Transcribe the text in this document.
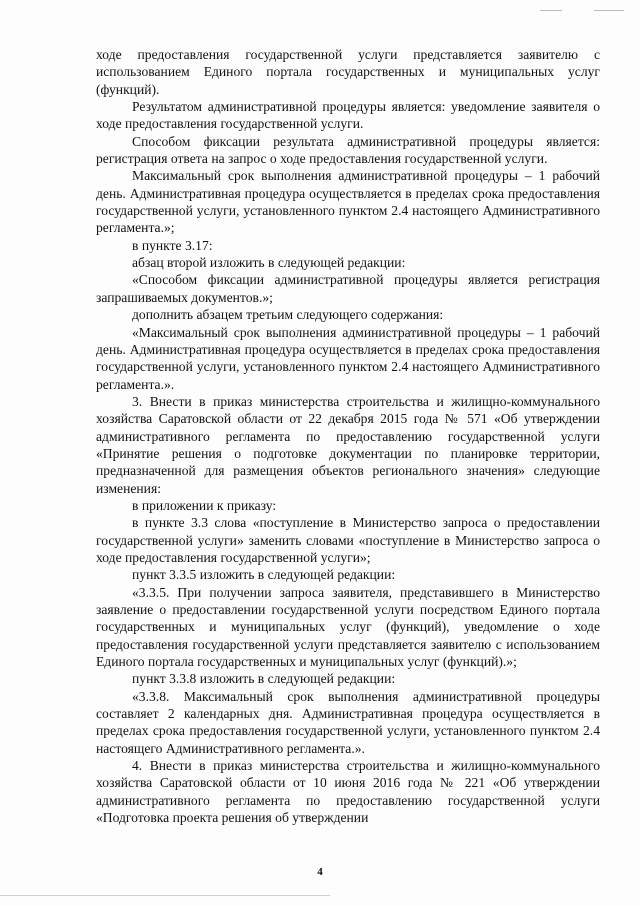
ходе предоставления государственной услуги представляется заявителю с использованием Единого портала государственных и муниципальных услуг (функций).

Результатом административной процедуры является: уведомление заявителя о ходе предоставления государственной услуги.

Способом фиксации результата административной процедуры является: регистрация ответа на запрос о ходе предоставления государственной услуги.

Максимальный срок выполнения административной процедуры – 1 рабочий день. Административная процедура осуществляется в пределах срока предоставления государственной услуги, установленного пунктом 2.4 настоящего Административного регламента.»;

в пункте 3.17:

абзац второй изложить в следующей редакции:

«Способом фиксации административной процедуры является регистрация запрашиваемых документов.»;

дополнить абзацем третьим следующего содержания:

«Максимальный срок выполнения административной процедуры – 1 рабочий день. Административная процедура осуществляется в пределах срока предоставления государственной услуги, установленного пунктом 2.4 настоящего Административного регламента.».

3. Внести в приказ министерства строительства и жилищно-коммунального хозяйства Саратовской области от 22 декабря 2015 года № 571 «Об утверждении административного регламента по предоставлению государственной услуги «Принятие решения о подготовке документации по планировке территории, предназначенной для размещения объектов регионального значения» следующие изменения:

в приложении к приказу:

в пункте 3.3 слова «поступление в Министерство запроса о предоставлении государственной услуги» заменить словами «поступление в Министерство запроса о ходе предоставления государственной услуги»;

пункт 3.3.5 изложить в следующей редакции:

«3.3.5. При получении запроса заявителя, представившего в Министерство заявление о предоставлении государственной услуги посредством Единого портала государственных и муниципальных услуг (функций), уведомление о ходе предоставления государственной услуги представляется заявителю с использованием Единого портала государственных и муниципальных услуг (функций).»;

пункт 3.3.8 изложить в следующей редакции:

«3.3.8. Максимальный срок выполнения административной процедуры составляет 2 календарных дня. Административная процедура осуществляется в пределах срока предоставления государственной услуги, установленного пунктом 2.4 настоящего Административного регламента.».

4. Внести в приказ министерства строительства и жилищно-коммунального хозяйства Саратовской области от 10 июня 2016 года № 221 «Об утверждении административного регламента по предоставлению государственной услуги «Подготовка проекта решения об утверждении

4
